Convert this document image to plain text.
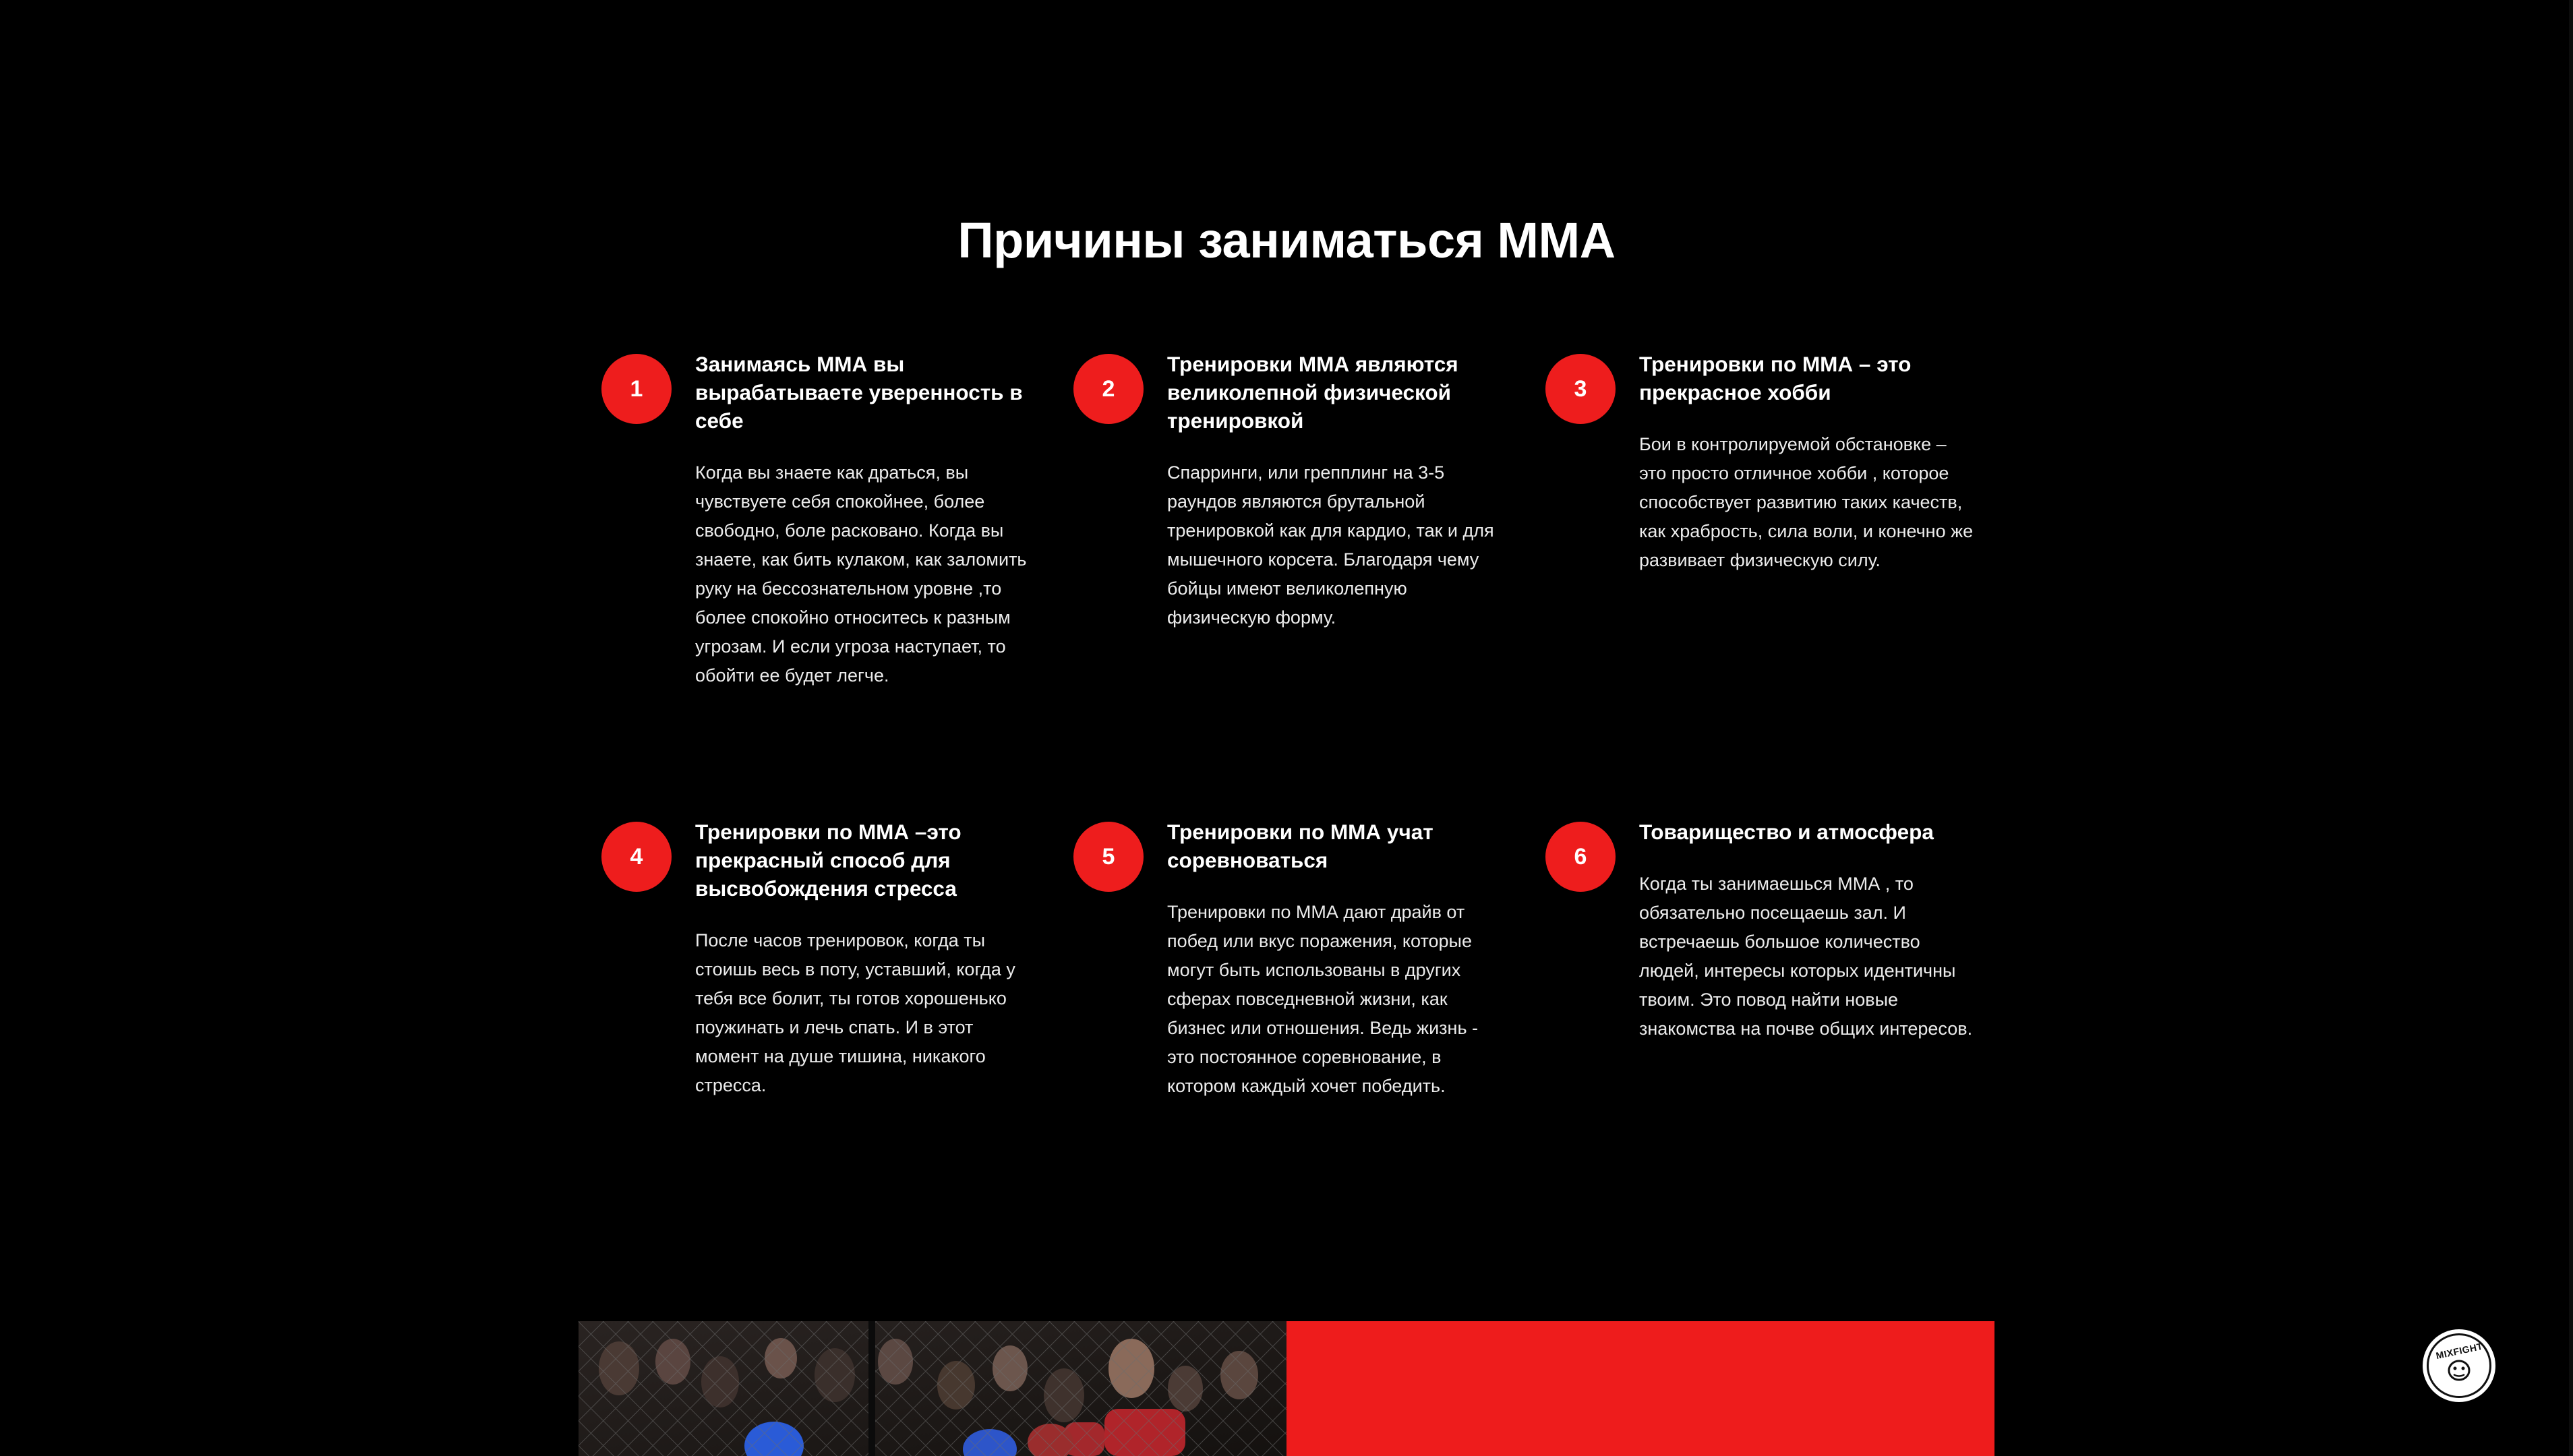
Причины заниматься ММА
1
Занимаясь ММА вы вырабатываете уверенность в себе

Когда вы знаете как драться, вы чувствуете себя спокойнее, более свободно, боле расковано. Когда вы знаете, как бить кулаком, как заломить руку на бессознательном уровне ,то более спокойно относитесь к разным угрозам. И если угроза наступает, то обойти ее будет легче.

2
Тренировки ММА являются великолепной физической тренировкой

Спарринги, или грепплинг на 3-5 раундов являются брутальной тренировкой как для кардио, так и для мышечного корсета. Благодаря чему бойцы имеют великолепную физическую форму.

3
Тренировки по ММА – это прекрасное хобби

Бои в контролируемой обстановке – это просто отличное хобби , которое способствует развитию таких качеств, как храбрость, сила воли, и конечно же развивает физическую силу.

4
Тренировки по ММА –это прекрасный способ для высвобождения стресса

После часов тренировок, когда ты стоишь весь в поту, уставший, когда у тебя все болит, ты готов хорошенько поужинать и лечь спать. И в этот момент на душе тишина, никакого стресса.

5
Тренировки по ММА учат соревноваться

Тренировки по ММА дают драйв от побед или вкус поражения, которые могут быть использованы в других сферах повседневной жизни, как бизнес или отношения. Ведь жизнь - это постоянное соревнование, в котором каждый хочет победить.

6
Товарищество и атмосфера

Когда ты занимаешься ММА , то обязательно посещаешь зал. И встречаешь большое количество людей, интересы которых идентичны твоим. Это повод найти новые знакомства на почве общих интересов.

MIXFIGHT
